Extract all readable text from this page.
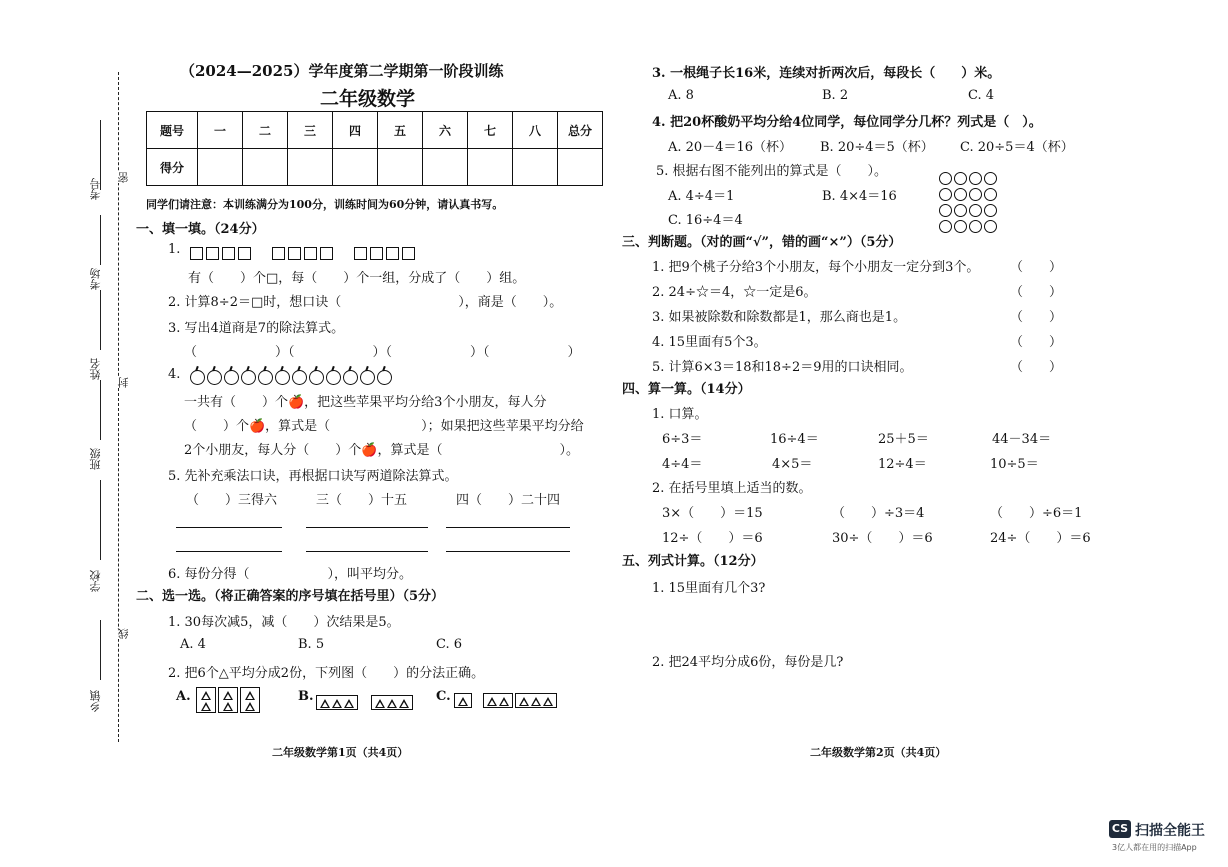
考号
考场
姓名
班级
学校
乡镇
密
封
线
（2024—2025）学年度第二学期第一阶段训练
二年级数学
题号	一	二	三	四	五	六	七	八	总分
得分									
同学们请注意：本训练满分为100分，训练时间为60分钟，请认真书写。
一、填一填。（24分）
1.

有（　　）个□，每（　　）个一组，分成了（　　）组。
2. 计算8÷2＝□时，想口诀（　　　　　　　　　），商是（　　）。
3. 写出4道商是7的除法算式。
（　　　　　　）（　　　　　　）（　　　　　　）（　　　　　　）
4.
一共有（　　）个🍎，把这些苹果平均分给3个小朋友，每人分
（　　）个🍎，算式是（　　　　　　　）；如果把这些苹果平均分给
2个小朋友，每人分（　　）个🍎，算式是（　　　　　　　　　）。
5. 先补充乘法口诀，再根据口诀写两道除法算式。
（　　）三得六	三（　　）十五	四（　　）二十四
6. 每份分得（　　　　　　），叫平均分。
二、选一选。（将正确答案的序号填在括号里）（5分）
1. 30每次减5，减（　　）次结果是5。
A. 4	B. 5	C. 6
2. 把6个△平均分成2份，下列图（　　）的分法正确。
A.	B.
	C.

二年级数学第1页（共4页）
3. 一根绳子长16米，连续对折两次后，每段长（　　）米。
A. 8	B. 2	C. 4
4. 把20杯酸奶平均分给4位同学，每位同学分几杯？列式是（　）。
A. 20－4＝16（杯） B. 20÷4＝5（杯） C. 20÷5＝4（杯）
5. 根据右图不能列出的算式是（　　）。
A. 4÷4＝1	B. 4×4＝16
C. 16÷4＝4

三、判断题。（对的画“√”，错的画“×”）（5分）
1. 把9个桃子分给3个小朋友，每个小朋友一定分到3个。 （　　）
2. 24÷☆＝4，☆一定是6。	（　　）
3. 如果被除数和除数都是1，那么商也是1。	（　　）
4. 15里面有5个3。	（　　）
5. 计算6×3＝18和18÷2＝9用的口诀相同。	（　　）
四、算一算。（14分）
1. 口算。
6÷3＝	16÷4＝	25＋5＝	44－34＝
4÷4＝	4×5＝	12÷4＝	10÷5＝
2. 在括号里填上适当的数。
3×（　　）＝15	（　　）÷3＝4	（　　）÷6＝1
12÷（　　）＝6	30÷（　　）＝6	24÷（　　）＝6
五、列式计算。（12分）
1. 15里面有几个3?
2. 把24平均分成6份，每份是几?
二年级数学第2页（共4页）
CS 扫描全能王
3亿人都在用的扫描App
